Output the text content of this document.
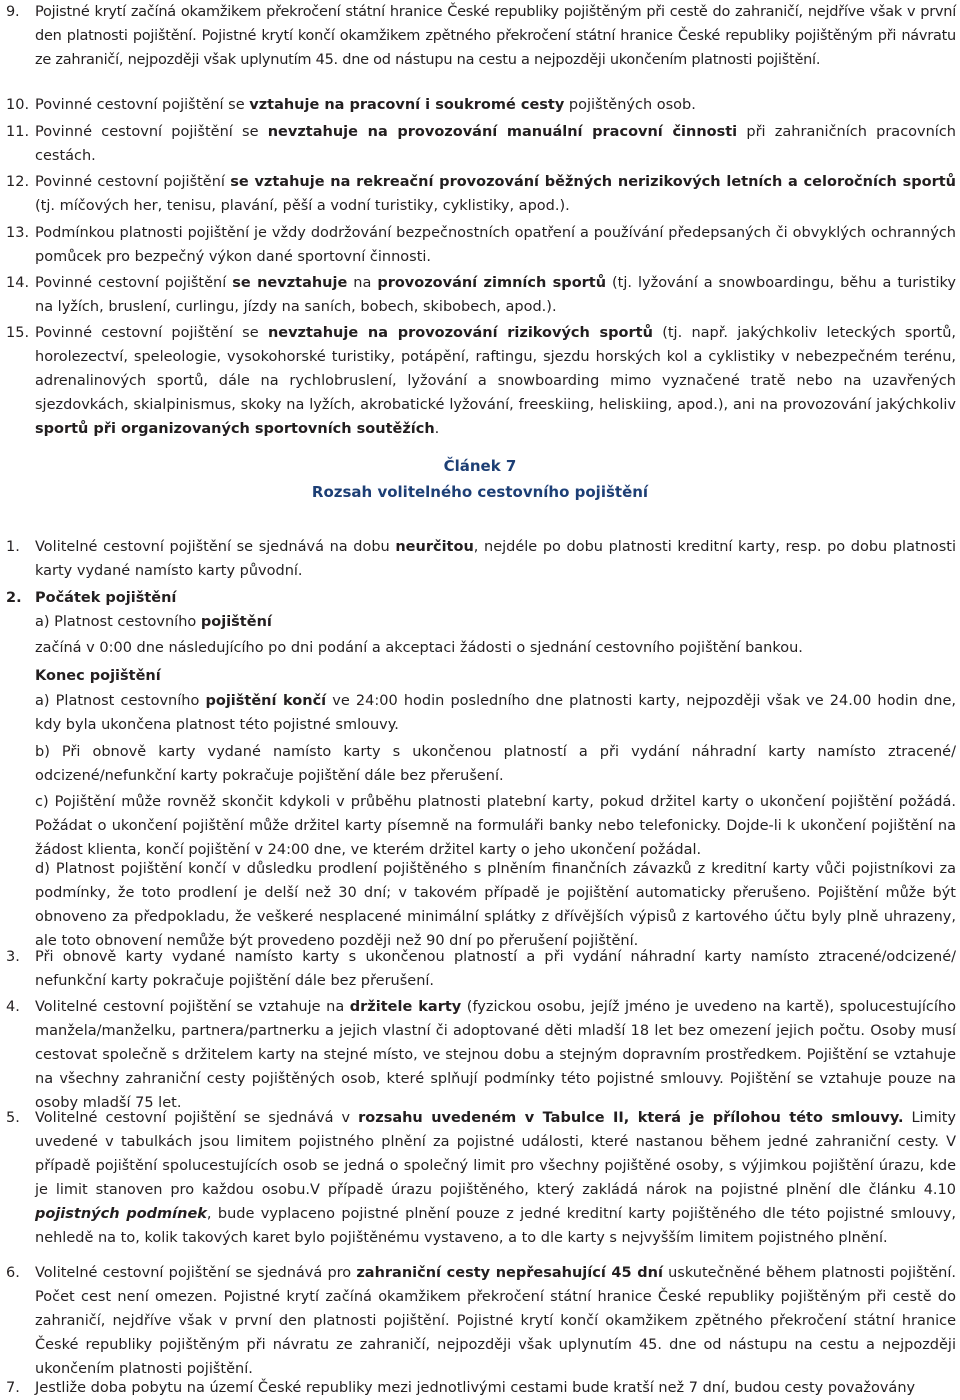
9. Pojistné krytí začíná okamžikem překročení státní hranice České republiky pojištěným při cestě do zahraničí, nejdříve však v první den platnosti pojištění. Pojistné krytí končí okamžikem zpětného překročení státní hranice České republiky pojištěným při návratu ze zahraničí, nejpozději však uplynutím 45. dne od nástupu na cestu a nejpozději ukončením platnosti pojištění.
10. Povinné cestovní pojištění se vztahuje na pracovní i soukromé cesty pojištěných osob.
11. Povinné cestovní pojištění se nevztahuje na provozování manuální pracovní činnosti při zahraničních pracovních cestách.
12. Povinné cestovní pojištění se vztahuje na rekreační provozování běžných nerizikových letních a celoročních sportů (tj. míčových her, tenisu, plavání, pěší a vodní turistiky, cyklistiky, apod.).
13. Podmínkou platnosti pojištění je vždy dodržování bezpečnostních opatření a používání předepsaných či obvyklých ochranných pomůcek pro bezpečný výkon dané sportovní činnosti.
14. Povinné cestovní pojištění se nevztahuje na provozování zimních sportů (tj. lyžování a snowboardingu, běhu a turistiky na lyžích, bruslení, curlingu, jízdy na saních, bobech, skibobech, apod.).
15. Povinné cestovní pojištění se nevztahuje na provozování rizikových sportů (tj. např. jakýchkoliv leteckých sportů, horolezectví, speleologie, vysokohorské turistiky, potápění, raftingu, sjezdu horských kol a cyklistiky v nebezpečném terénu, adrenalinových sportů, dále na rychlobruslení, lyžování a snowboarding mimo vyznačené tratě nebo na uzavřených sjezdovkách, skialpinismus, skoky na lyžích, akrobatické lyžování, freeskiing, heliskiing, apod.), ani na provozování jakýchkoliv sportů při organizovaných sportovních soutěžích.
Článek 7
Rozsah volitelného cestovního pojištění
1. Volitelné cestovní pojištění se sjednává na dobu neurčitou, nejdéle po dobu platnosti kreditní karty, resp. po dobu platnosti karty vydané namísto karty původní.
2. Počátek pojištění
a) Platnost cestovního pojištění
začíná v 0:00 dne následujícího po dni podání a akceptaci žádosti o sjednání cestovního pojištění bankou.
Konec pojištění
a) Platnost cestovního pojištění končí ve 24:00 hodin posledního dne platnosti karty, nejpozději však ve 24.00 hodin dne, kdy byla ukončena platnost této pojistné smlouvy.
b) Při obnově karty vydané namísto karty s ukončenou platností a při vydání náhradní karty namísto ztracené/ odcizené/nefunkční karty pokračuje pojištění dále bez přerušení.
c) Pojištění může rovněž skončit kdykoli v průběhu platnosti platební karty, pokud držitel karty o ukončení pojištění požádá. Požádat o ukončení pojištění může držitel karty písemně na formuláři banky nebo telefonicky. Dojde-li k ukončení pojištění na žádost klienta, končí pojištění v 24:00 dne, ve kterém držitel karty o jeho ukončení požádal.
d) Platnost pojištění končí v důsledku prodlení pojištěného s plněním finančních závazků z kreditní karty vůči pojistníkovi za podmínky, že toto prodlení je delší než 30 dní; v takovém případě je pojištění automaticky přerušeno. Pojištění může být obnoveno za předpokladu, že veškeré nesplacené minimální splátky z dřívějších výpisů z kartového účtu byly plně uhrazeny, ale toto obnovení nemůže být provedeno později než 90 dní po přerušení pojištění.
3. Při obnově karty vydané namísto karty s ukončenou platností a při vydání náhradní karty namísto ztracené/odcizené/ nefunkční karty pokračuje pojištění dále bez přerušení.
4. Volitelné cestovní pojištění se vztahuje na držitele karty (fyzickou osobu, jejíž jméno je uvedeno na kartě), spolucestujícího manžela/manželku, partnera/partnerku a jejich vlastní či adoptované děti mladší 18 let bez omezení jejich počtu. Osoby musí cestovat společně s držitelem karty na stejné místo, ve stejnou dobu a stejným dopravním prostředkem. Pojištění se vztahuje na všechny zahraniční cesty pojištěných osob, které splňují podmínky této pojistné smlouvy. Pojištění se vztahuje pouze na osoby mladší 75 let.
5. Volitelné cestovní pojištění se sjednává v rozsahu uvedeném v Tabulce II, která je přílohou této smlouvy. Limity uvedené v tabulkách jsou limitem pojistného plnění za pojistné události, které nastanou během jedné zahraniční cesty. V případě pojištění spolucestujících osob se jedná o společný limit pro všechny pojištěné osoby, s výjimkou pojištění úrazu, kde je limit stanoven pro každou osobu.V případě úrazu pojištěného, který zakládá nárok na pojistné plnění dle článku 4.10 pojistných podmínek, bude vyplaceno pojistné plnění pouze z jedné kreditní karty pojištěného dle této pojistné smlouvy, nehledě na to, kolik takových karet bylo pojištěnému vystaveno, a to dle karty s nejvyšším limitem pojistného plnění.
6. Volitelné cestovní pojištění se sjednává pro zahraniční cesty nepřesahující 45 dní uskutečněné během platnosti pojištění. Počet cest není omezen. Pojistné krytí začíná okamžikem překročení státní hranice České republiky pojištěným při cestě do zahraničí, nejdříve však v první den platnosti pojištění. Pojistné krytí končí okamžikem zpětného překročení státní hranice České republiky pojištěným při návratu ze zahraničí, nejpozději však uplynutím 45. dne od nástupu na cestu a nejpozději ukončením platnosti pojištění.
7. Jestliže doba pobytu na území České republiky mezi jednotlivými cestami bude kratší než 7 dní, budou cesty považovány
